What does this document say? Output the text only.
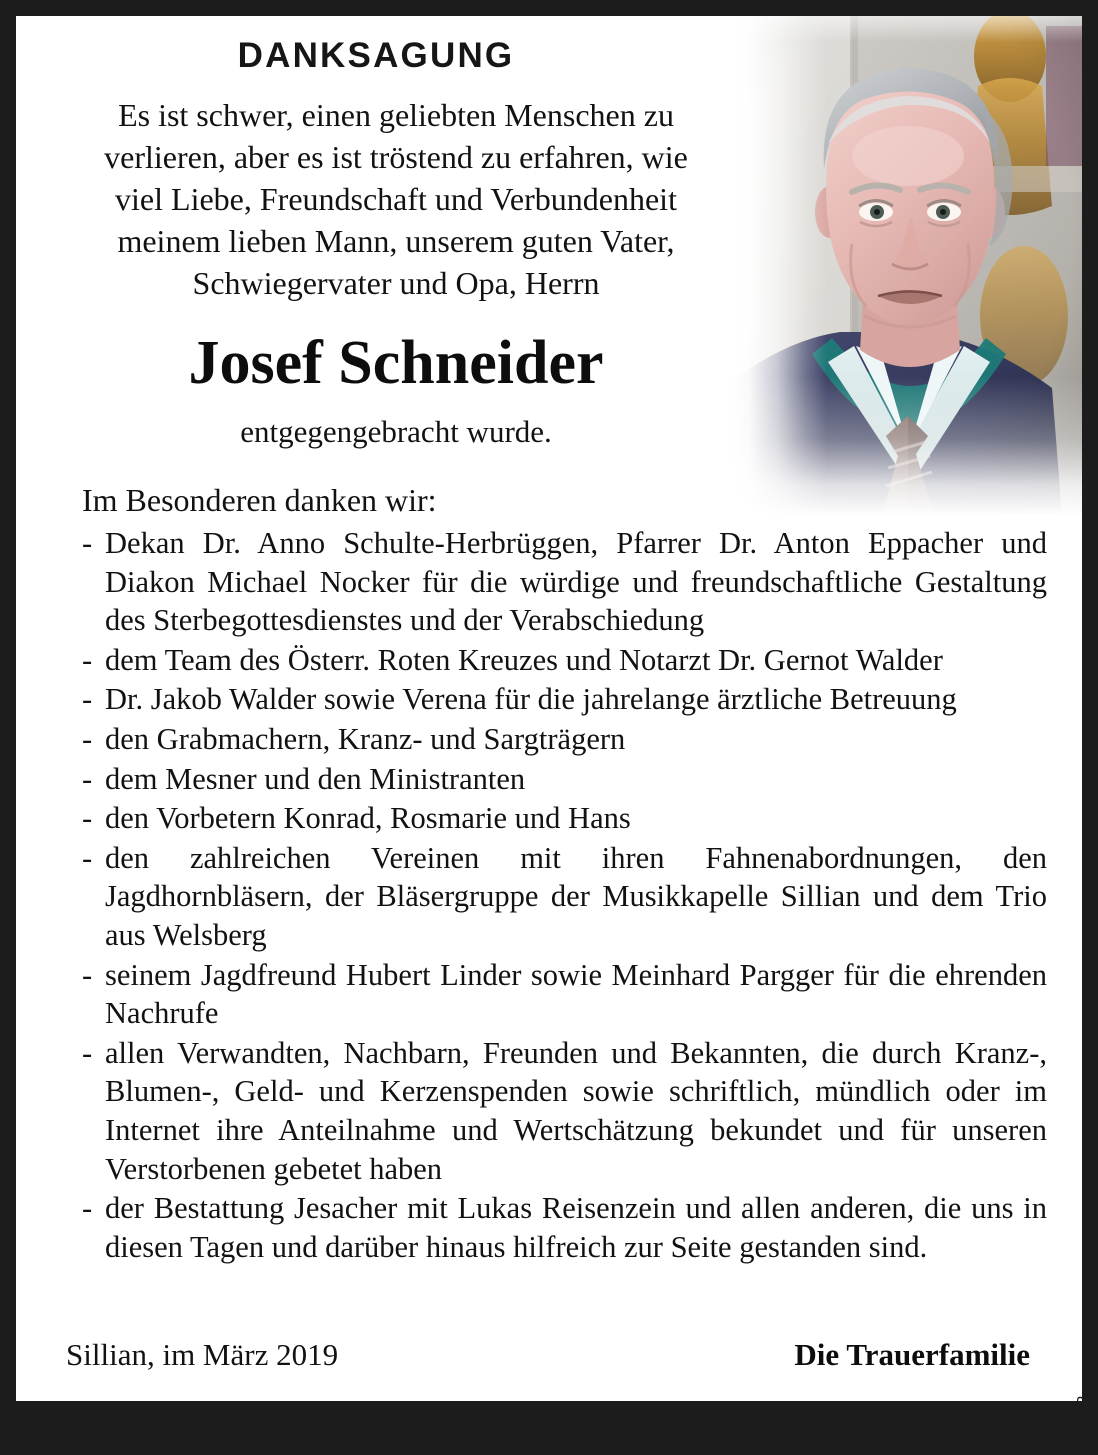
DANKSAGUNG
Es ist schwer, einen geliebten Menschen zu
verlieren, aber es ist tröstend zu erfahren, wie
viel Liebe, Freundschaft und Verbundenheit
meinem lieben Mann, unserem guten Vater,
Schwiegervater und Opa, Herrn
Josef Schneider
entgegengebracht wurde.
Im Besonderen danken wir:
- Dekan Dr. Anno Schulte-Herbrüggen, Pfarrer Dr. Anton Eppacher und Diakon Michael Nocker für die würdige und freundschaftliche Gestaltung des Sterbegottesdienstes und der Verabschiedung
- dem Team des Österr. Roten Kreuzes und Notarzt Dr. Gernot Walder
- Dr. Jakob Walder sowie Verena für die jahrelange ärztliche Betreuung
- den Grabmachern, Kranz- und Sargträgern
- dem Mesner und den Ministranten
- den Vorbetern Konrad, Rosmarie und Hans
- den zahlreichen Vereinen mit ihren Fahnenabordnungen, den Jagdhornbläsern, der Bläsergruppe der Musikkapelle Sillian und dem Trio aus Welsberg
- seinem Jagdfreund Hubert Linder sowie Meinhard Pargger für die ehrenden Nachrufe
- allen Verwandten, Nachbarn, Freunden und Bekannten, die durch Kranz-, Blumen-, Geld- und Kerzenspenden sowie schriftlich, mündlich oder im Internet ihre Anteilnahme und Wertschätzung bekundet und für unseren Verstorbenen gebetet haben
- der Bestattung Jesacher mit Lukas Reisenzein und allen anderen, die uns in diesen Tagen und darüber hinaus hilfreich zur Seite gestanden sind.
Sillian, im März 2019	Die Trauerfamilie
174862
